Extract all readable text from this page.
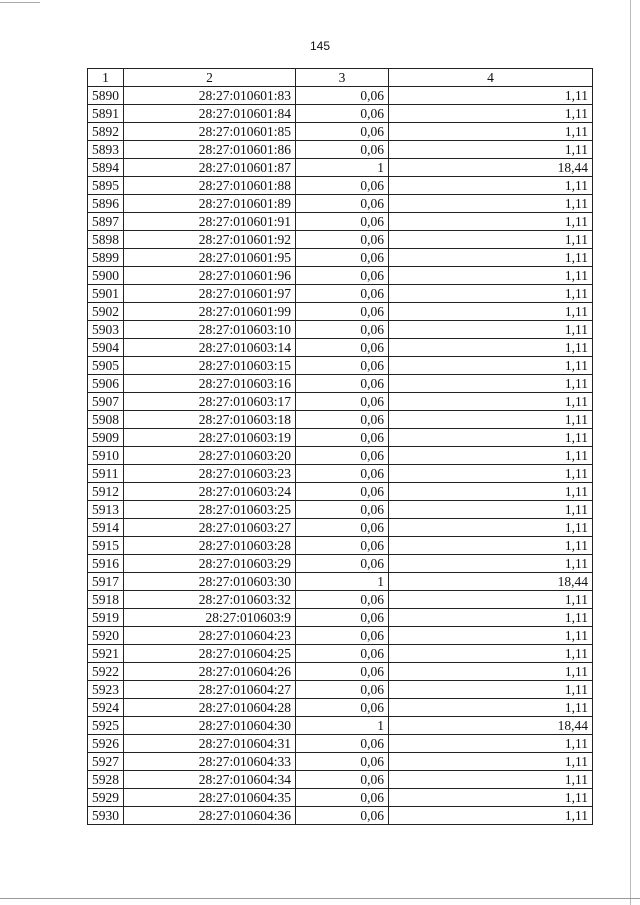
145
1	2	3	4
5890	28:27:010601:83	0,06	1,11
5891	28:27:010601:84	0,06	1,11
5892	28:27:010601:85	0,06	1,11
5893	28:27:010601:86	0,06	1,11
5894	28:27:010601:87	1	18,44
5895	28:27:010601:88	0,06	1,11
5896	28:27:010601:89	0,06	1,11
5897	28:27:010601:91	0,06	1,11
5898	28:27:010601:92	0,06	1,11
5899	28:27:010601:95	0,06	1,11
5900	28:27:010601:96	0,06	1,11
5901	28:27:010601:97	0,06	1,11
5902	28:27:010601:99	0,06	1,11
5903	28:27:010603:10	0,06	1,11
5904	28:27:010603:14	0,06	1,11
5905	28:27:010603:15	0,06	1,11
5906	28:27:010603:16	0,06	1,11
5907	28:27:010603:17	0,06	1,11
5908	28:27:010603:18	0,06	1,11
5909	28:27:010603:19	0,06	1,11
5910	28:27:010603:20	0,06	1,11
5911	28:27:010603:23	0,06	1,11
5912	28:27:010603:24	0,06	1,11
5913	28:27:010603:25	0,06	1,11
5914	28:27:010603:27	0,06	1,11
5915	28:27:010603:28	0,06	1,11
5916	28:27:010603:29	0,06	1,11
5917	28:27:010603:30	1	18,44
5918	28:27:010603:32	0,06	1,11
5919	28:27:010603:9	0,06	1,11
5920	28:27:010604:23	0,06	1,11
5921	28:27:010604:25	0,06	1,11
5922	28:27:010604:26	0,06	1,11
5923	28:27:010604:27	0,06	1,11
5924	28:27:010604:28	0,06	1,11
5925	28:27:010604:30	1	18,44
5926	28:27:010604:31	0,06	1,11
5927	28:27:010604:33	0,06	1,11
5928	28:27:010604:34	0,06	1,11
5929	28:27:010604:35	0,06	1,11
5930	28:27:010604:36	0,06	1,11
